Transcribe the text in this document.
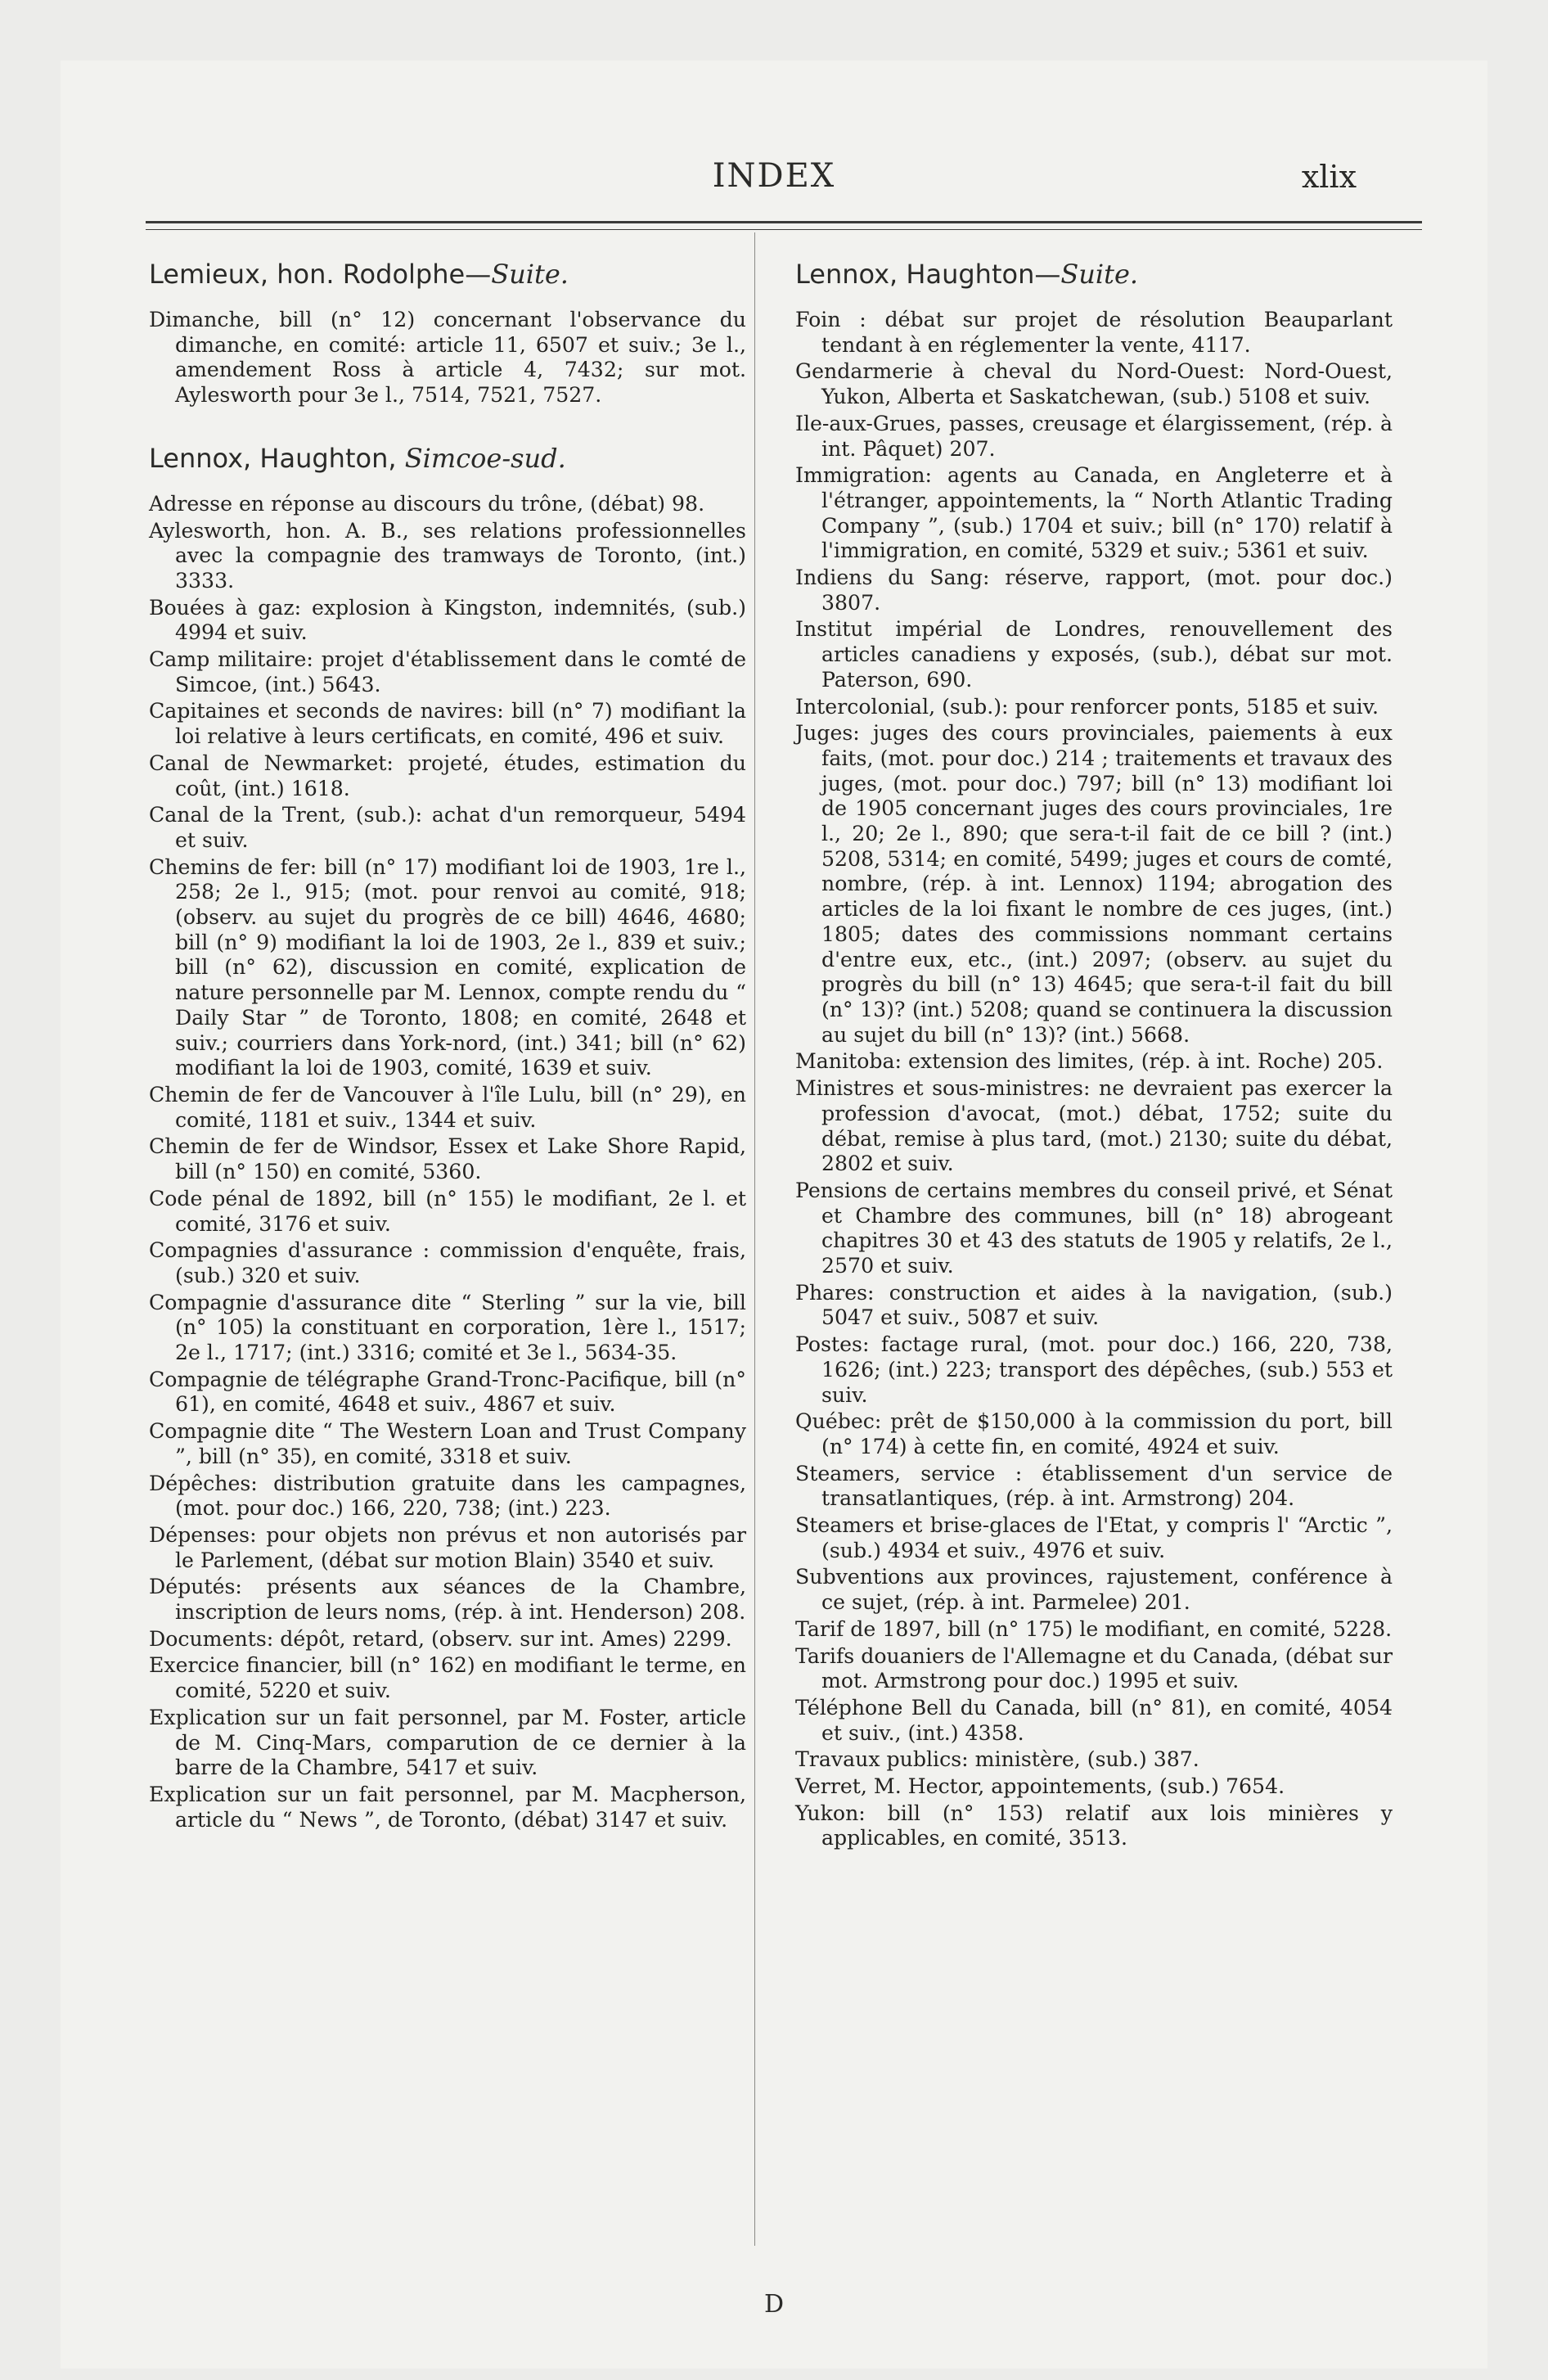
INDEX	xlix
Lemieux, hon. Rodolphe—Suite.
Dimanche, bill (n° 12) concernant l'observance du dimanche, en comité: article 11, 6507 et suiv.; 3e l., amendement Ross à article 4, 7432; sur mot. Aylesworth pour 3e l., 7514, 7521, 7527.
Lennox, Haughton, Simcoe-sud.
Adresse en réponse au discours du trône, (débat) 98.
Aylesworth, hon. A. B., ses relations professionnelles avec la compagnie des tramways de Toronto, (int.) 3333.
Bouées à gaz: explosion à Kingston, indemnités, (sub.) 4994 et suiv.
Camp militaire: projet d'établissement dans le comté de Simcoe, (int.) 5643.
Capitaines et seconds de navires: bill (n° 7) modifiant la loi relative à leurs certificats, en comité, 496 et suiv.
Canal de Newmarket: projeté, études, estimation du coût, (int.) 1618.
Canal de la Trent, (sub.): achat d'un remorqueur, 5494 et suiv.
Chemins de fer: bill (n° 17) modifiant loi de 1903, 1re l., 258; 2e l., 915; (mot. pour renvoi au comité, 918; (observ. au sujet du progrès de ce bill) 4646, 4680; bill (n° 9) modifiant la loi de 1903, 2e l., 839 et suiv.; bill (n° 62), discussion en comité, explication de nature personnelle par M. Lennox, compte rendu du “ Daily Star ” de Toronto, 1808; en comité, 2648 et suiv.; courriers dans York-nord, (int.) 341; bill (n° 62) modifiant la loi de 1903, comité, 1639 et suiv.
Chemin de fer de Vancouver à l'île Lulu, bill (n° 29), en comité, 1181 et suiv., 1344 et suiv.
Chemin de fer de Windsor, Essex et Lake Shore Rapid, bill (n° 150) en comité, 5360.
Code pénal de 1892, bill (n° 155) le modifiant, 2e l. et comité, 3176 et suiv.
Compagnies d'assurance : commission d'enquête, frais, (sub.) 320 et suiv.
Compagnie d'assurance dite “ Sterling ” sur la vie, bill (n° 105) la constituant en corporation, 1ère l., 1517; 2e l., 1717; (int.) 3316; comité et 3e l., 5634-35.
Compagnie de télégraphe Grand-Tronc-Pacifique, bill (n° 61), en comité, 4648 et suiv., 4867 et suiv.
Compagnie dite “ The Western Loan and Trust Company ”, bill (n° 35), en comité, 3318 et suiv.
Dépêches: distribution gratuite dans les campagnes, (mot. pour doc.) 166, 220, 738; (int.) 223.
Dépenses: pour objets non prévus et non autorisés par le Parlement, (débat sur motion Blain) 3540 et suiv.
Députés: présents aux séances de la Chambre, inscription de leurs noms, (rép. à int. Henderson) 208.
Documents: dépôt, retard, (observ. sur int. Ames) 2299.
Exercice financier, bill (n° 162) en modifiant le terme, en comité, 5220 et suiv.
Explication sur un fait personnel, par M. Foster, article de M. Cinq-Mars, comparution de ce dernier à la barre de la Chambre, 5417 et suiv.
Explication sur un fait personnel, par M. Macpherson, article du “ News ”, de Toronto, (débat) 3147 et suiv.
Lennox, Haughton—Suite.
Foin : débat sur projet de résolution Beauparlant tendant à en réglementer la vente, 4117.
Gendarmerie à cheval du Nord-Ouest: Nord-Ouest, Yukon, Alberta et Saskatchewan, (sub.) 5108 et suiv.
Ile-aux-Grues, passes, creusage et élargissement, (rép. à int. Pâquet) 207.
Immigration: agents au Canada, en Angleterre et à l'étranger, appointements, la “ North Atlantic Trading Company ”, (sub.) 1704 et suiv.; bill (n° 170) relatif à l'immigration, en comité, 5329 et suiv.; 5361 et suiv.
Indiens du Sang: réserve, rapport, (mot. pour doc.) 3807.
Institut impérial de Londres, renouvellement des articles canadiens y exposés, (sub.), débat sur mot. Paterson, 690.
Intercolonial, (sub.): pour renforcer ponts, 5185 et suiv.
Juges: juges des cours provinciales, paiements à eux faits, (mot. pour doc.) 214 ; traitements et travaux des juges, (mot. pour doc.) 797; bill (n° 13) modifiant loi de 1905 concernant juges des cours provinciales, 1re l., 20; 2e l., 890; que sera-t-il fait de ce bill ? (int.) 5208, 5314; en comité, 5499; juges et cours de comté, nombre, (rép. à int. Lennox) 1194; abrogation des articles de la loi fixant le nombre de ces juges, (int.) 1805; dates des commissions nommant certains d'entre eux, etc., (int.) 2097; (observ. au sujet du progrès du bill (n° 13) 4645; que sera-t-il fait du bill (n° 13)? (int.) 5208; quand se continuera la discussion au sujet du bill (n° 13)? (int.) 5668.
Manitoba: extension des limites, (rép. à int. Roche) 205.
Ministres et sous-ministres: ne devraient pas exercer la profession d'avocat, (mot.) débat, 1752; suite du débat, remise à plus tard, (mot.) 2130; suite du débat, 2802 et suiv.
Pensions de certains membres du conseil privé, et Sénat et Chambre des communes, bill (n° 18) abrogeant chapitres 30 et 43 des statuts de 1905 y relatifs, 2e l., 2570 et suiv.
Phares: construction et aides à la navigation, (sub.) 5047 et suiv., 5087 et suiv.
Postes: factage rural, (mot. pour doc.) 166, 220, 738, 1626; (int.) 223; transport des dépêches, (sub.) 553 et suiv.
Québec: prêt de $150,000 à la commission du port, bill (n° 174) à cette fin, en comité, 4924 et suiv.
Steamers, service : établissement d'un service de transatlantiques, (rép. à int. Armstrong) 204.
Steamers et brise-glaces de l'Etat, y compris l' “Arctic ”, (sub.) 4934 et suiv., 4976 et suiv.
Subventions aux provinces, rajustement, conférence à ce sujet, (rép. à int. Parmelee) 201.
Tarif de 1897, bill (n° 175) le modifiant, en comité, 5228.
Tarifs douaniers de l'Allemagne et du Canada, (débat sur mot. Armstrong pour doc.) 1995 et suiv.
Téléphone Bell du Canada, bill (n° 81), en comité, 4054 et suiv., (int.) 4358.
Travaux publics: ministère, (sub.) 387.
Verret, M. Hector, appointements, (sub.) 7654.
Yukon: bill (n° 153) relatif aux lois minières y applicables, en comité, 3513.
D
